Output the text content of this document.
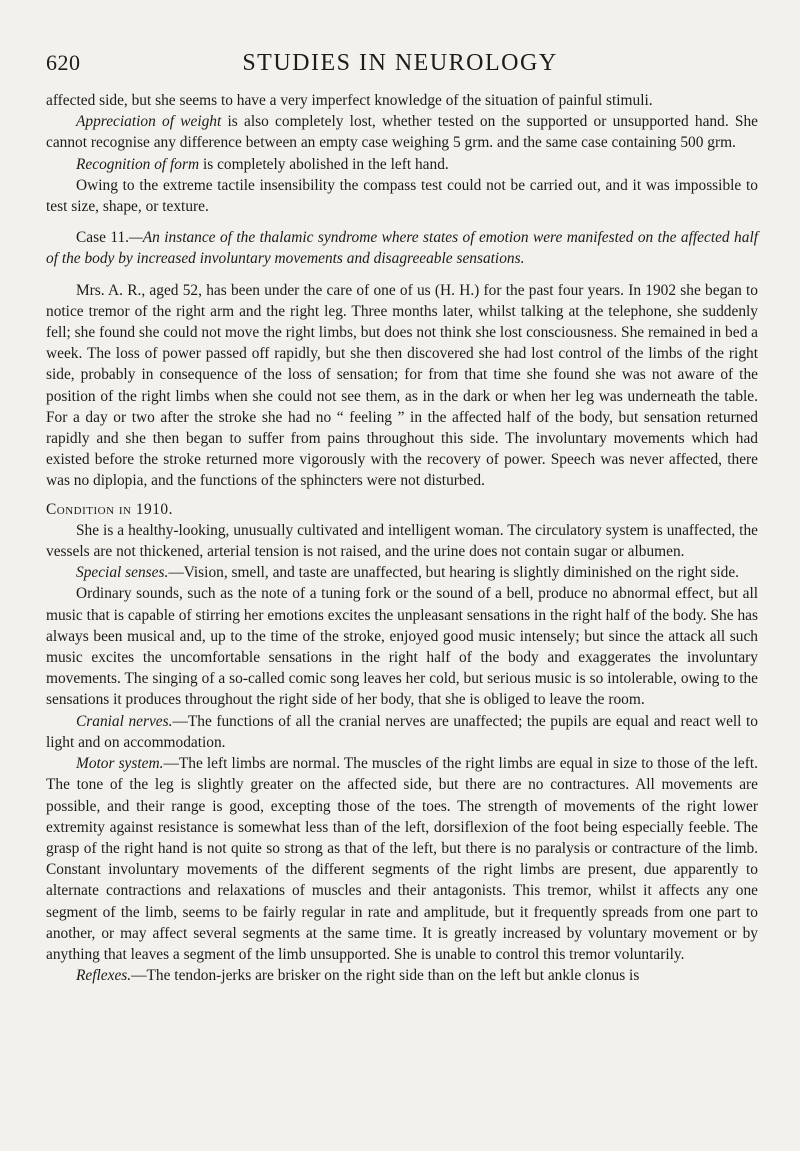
620	STUDIES IN NEUROLOGY

affected side, but she seems to have a very imperfect knowledge of the situation of painful stimuli.

Appreciation of weight is also completely lost, whether tested on the supported or unsupported hand. She cannot recognise any difference between an empty case weighing 5 grm. and the same case containing 500 grm.

Recognition of form is completely abolished in the left hand.

Owing to the extreme tactile insensibility the compass test could not be carried out, and it was impossible to test size, shape, or texture.

Case 11.—An instance of the thalamic syndrome where states of emotion were manifested on the affected half of the body by increased involuntary movements and disagreeable sensations.

Mrs. A. R., aged 52, has been under the care of one of us (H. H.) for the past four years. In 1902 she began to notice tremor of the right arm and the right leg. Three months later, whilst talking at the telephone, she suddenly fell; she found she could not move the right limbs, but does not think she lost consciousness. She remained in bed a week. The loss of power passed off rapidly, but she then discovered she had lost control of the limbs of the right side, probably in consequence of the loss of sensation; for from that time she found she was not aware of the position of the right limbs when she could not see them, as in the dark or when her leg was underneath the table. For a day or two after the stroke she had no “ feeling ” in the affected half of the body, but sensation returned rapidly and she then began to suffer from pains throughout this side. The involuntary movements which had existed before the stroke returned more vigorously with the recovery of power. Speech was never affected, there was no diplopia, and the functions of the sphincters were not disturbed.

Condition in 1910.

She is a healthy-looking, unusually cultivated and intelligent woman. The circulatory system is unaffected, the vessels are not thickened, arterial tension is not raised, and the urine does not contain sugar or albumen.

Special senses.—Vision, smell, and taste are unaffected, but hearing is slightly diminished on the right side.

Ordinary sounds, such as the note of a tuning fork or the sound of a bell, produce no abnormal effect, but all music that is capable of stirring her emotions excites the unpleasant sensations in the right half of the body. She has always been musical and, up to the time of the stroke, enjoyed good music intensely; but since the attack all such music excites the uncomfortable sensations in the right half of the body and exaggerates the involuntary movements. The singing of a so-called comic song leaves her cold, but serious music is so intolerable, owing to the sensations it produces throughout the right side of her body, that she is obliged to leave the room.

Cranial nerves.—The functions of all the cranial nerves are unaffected; the pupils are equal and react well to light and on accommodation.

Motor system.—The left limbs are normal. The muscles of the right limbs are equal in size to those of the left. The tone of the leg is slightly greater on the affected side, but there are no contractures. All movements are possible, and their range is good, excepting those of the toes. The strength of movements of the right lower extremity against resistance is somewhat less than of the left, dorsiflexion of the foot being especially feeble. The grasp of the right hand is not quite so strong as that of the left, but there is no paralysis or contracture of the limb. Constant involuntary movements of the different segments of the right limbs are present, due apparently to alternate contractions and relaxations of muscles and their antagonists. This tremor, whilst it affects any one segment of the limb, seems to be fairly regular in rate and amplitude, but it frequently spreads from one part to another, or may affect several segments at the same time. It is greatly increased by voluntary movement or by anything that leaves a segment of the limb unsupported. She is unable to control this tremor voluntarily.

Reflexes.—The tendon-jerks are brisker on the right side than on the left but ankle clonus is
